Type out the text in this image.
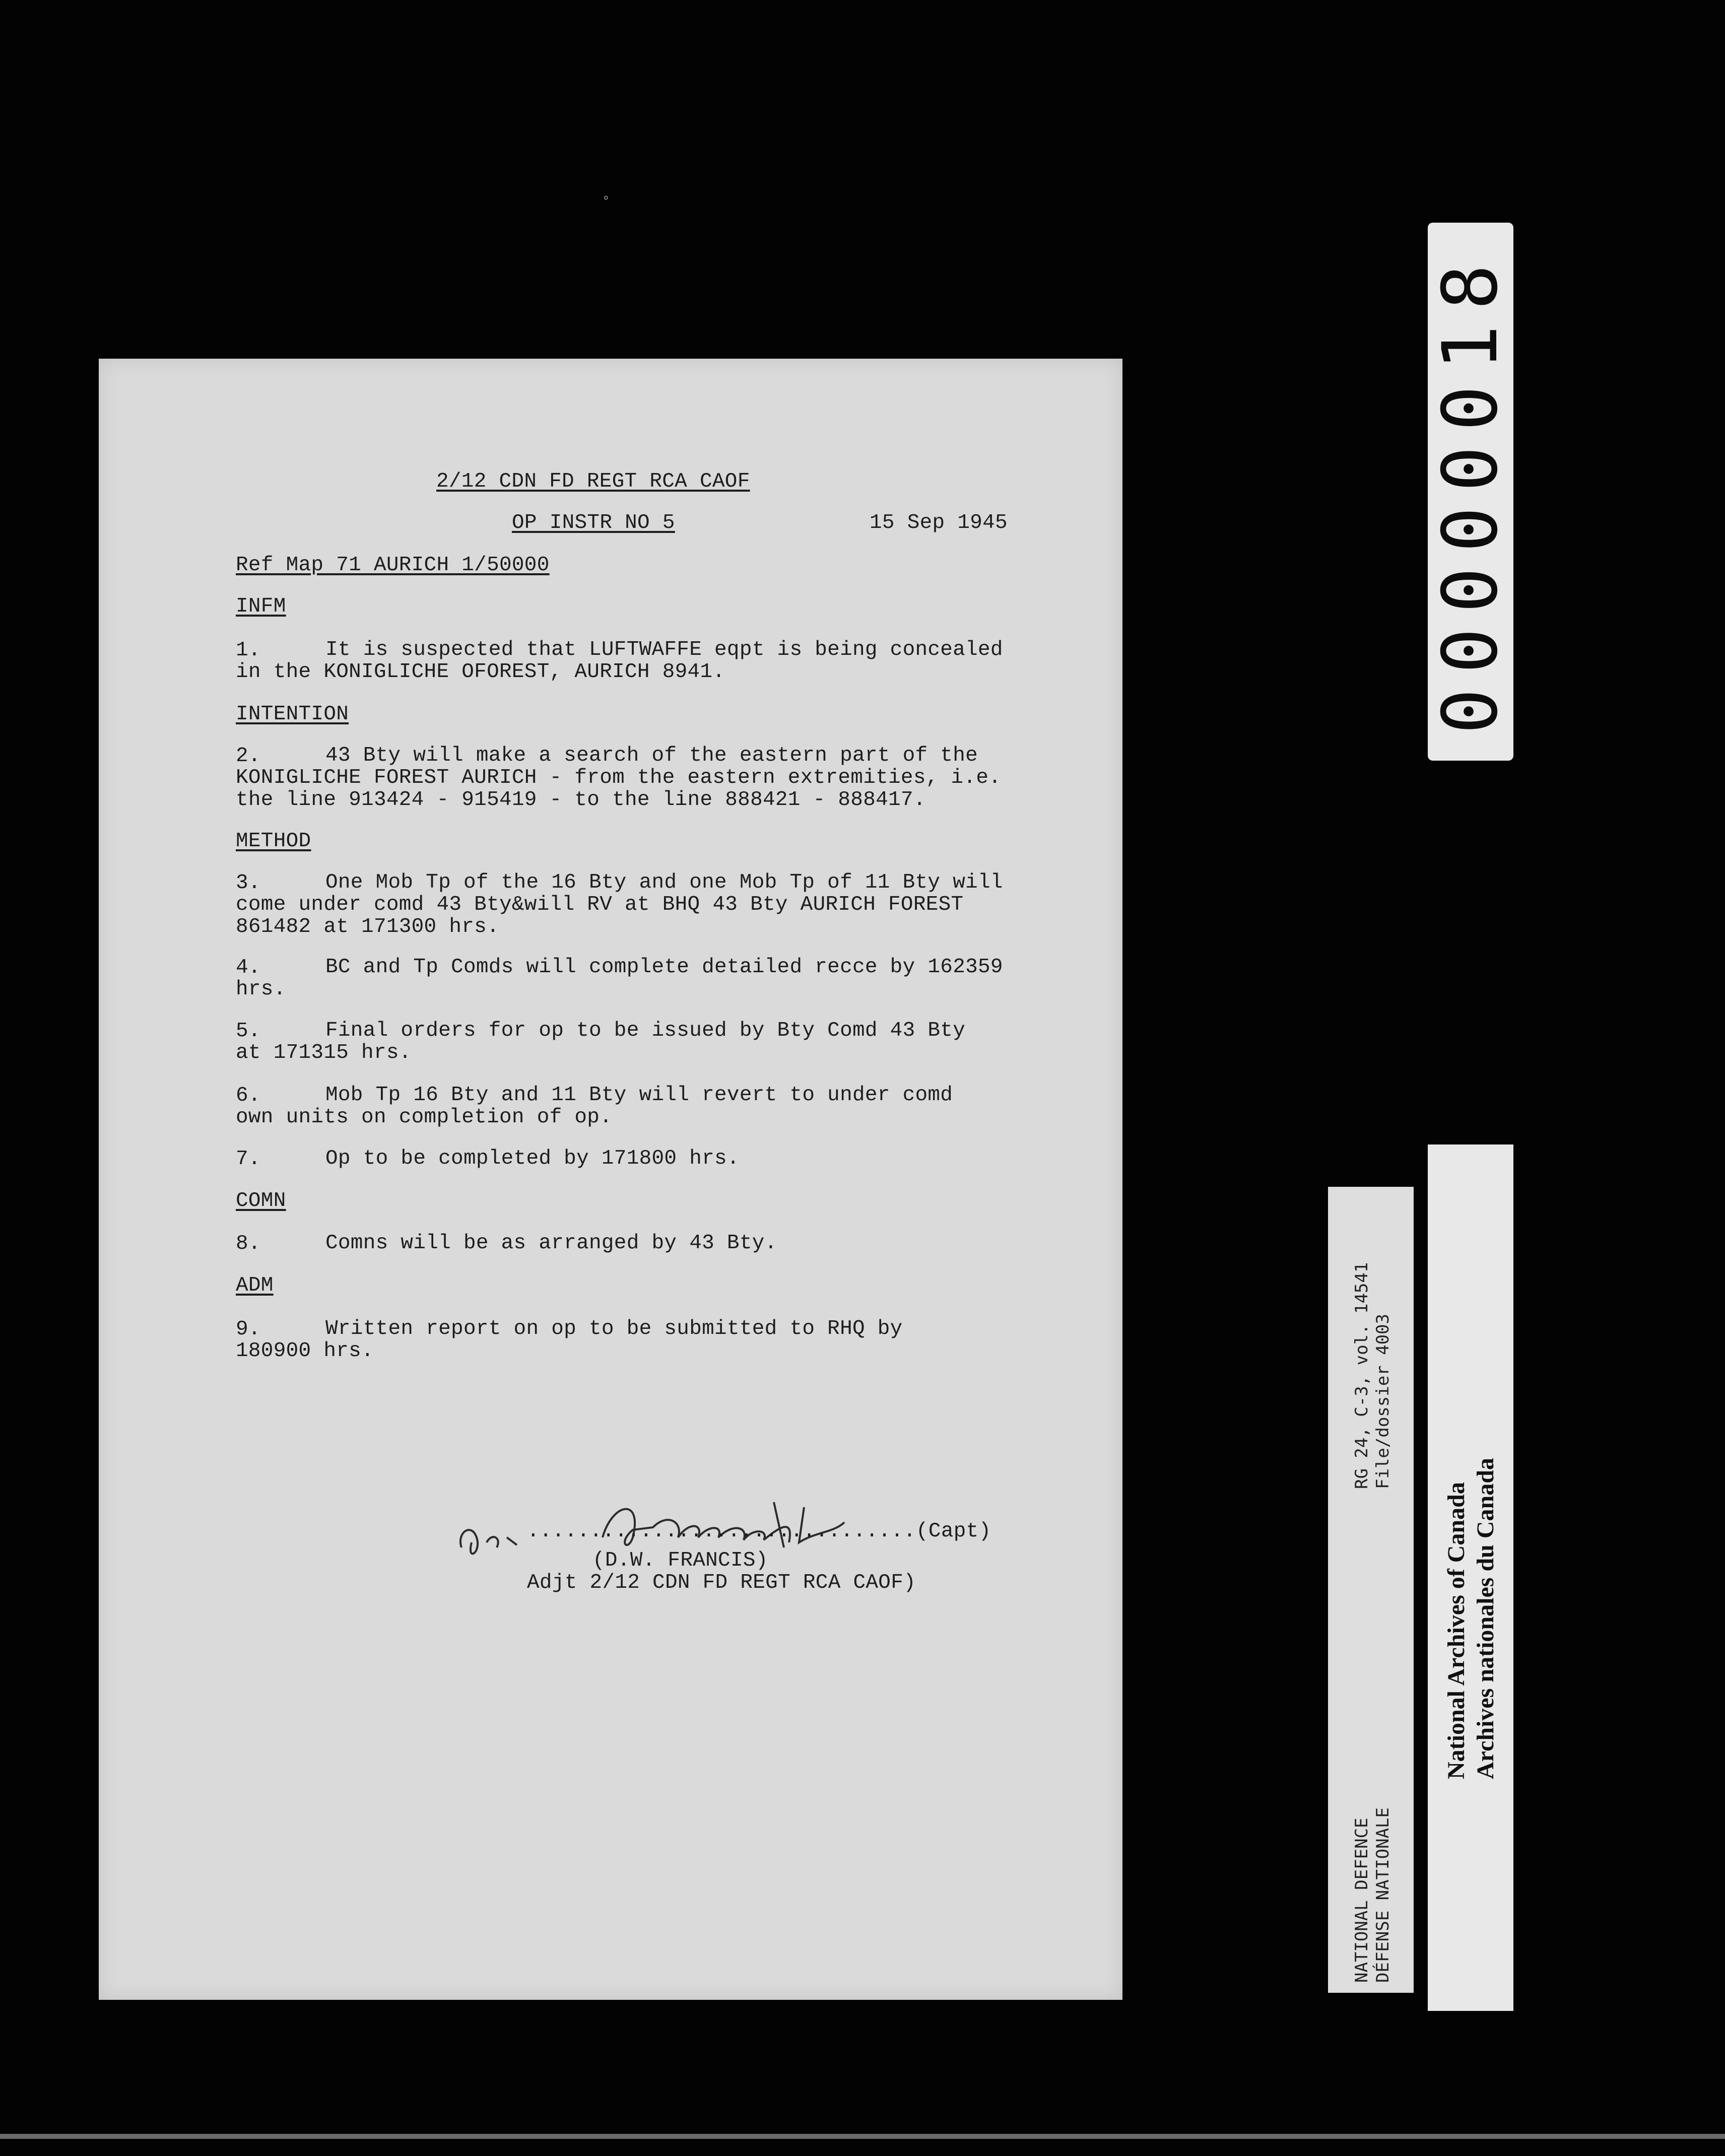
◦
2/12 CDN FD REGT RCA CAOF
OP INSTR NO 5	15 Sep 1945
Ref Map 71 AURICH 1/50000
INFM
1.	It is suspected that LUFTWAFFE eqpt is being concealed
in the KONIGLICHE OFOREST, AURICH 8941.
INTENTION
2.	43 Bty will make a search of the eastern part of the
KONIGLICHE FOREST AURICH - from the eastern extremities, i.e.
the line 913424 - 915419 - to the line 888421 - 888417.
METHOD
3.	One Mob Tp of the 16 Bty and one Mob Tp of 11 Bty will
come under comd 43 Bty&will RV at BHQ 43 Bty AURICH FOREST
861482 at 171300 hrs.
4.	BC and Tp Comds will complete detailed recce by 162359
hrs.
5.	Final orders for op to be issued by Bty Comd 43 Bty
at 171315 hrs.
6.	Mob Tp 16 Bty and 11 Bty will revert to under comd
own units on completion of op.
7.	Op to be completed by 171800 hrs.
COMN
8.	Comns will be as arranged by 43 Bty.
ADM
9.	Written report on op to be submitted to RHQ by
180900 hrs.
...............................(Capt)
(D.W. FRANCIS)
Adjt 2/12 CDN FD REGT RCA CAOF)
00000018
RG 24, C-3, vol. 14541 File/dossier 4003
NATIONAL DEFENCE DÉFENSE NATIONALE
National Archives of Canada Archives nationales du Canada
